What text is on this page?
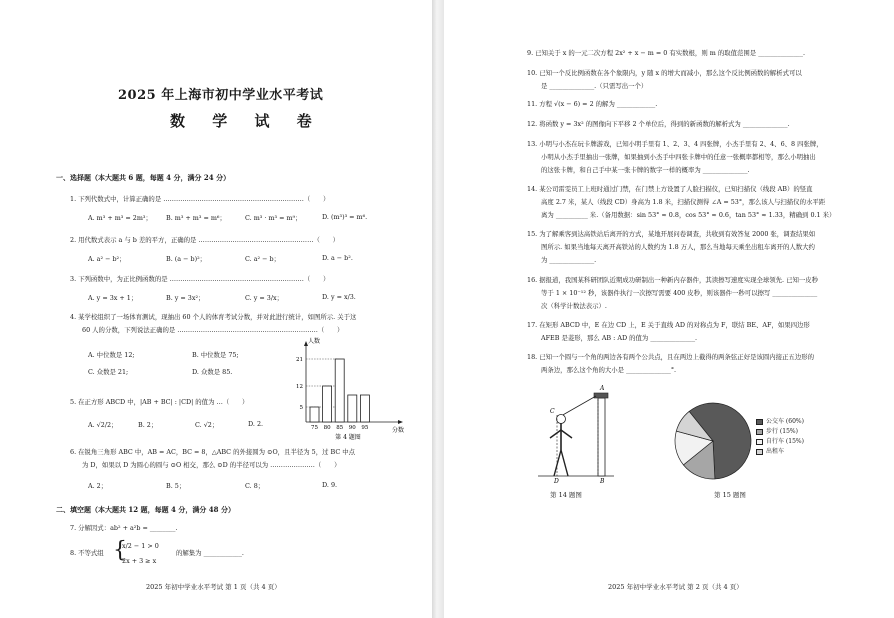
2025 年上海市初中学业水平考试
数 学 试 卷
一、选择题（本大题共 6 题，每题 4 分，满分 24 分）
1. 下列代数式中，计算正确的是 …………………………………………………………（　　）
A. m³ + m³ = 2m³； B. m³ + m³ = m⁶；	C. m³ · m³ = m⁹；	D. (m³)³ = m⁶.
2. 用代数式表示 a 与 b 差的平方，正确的是 ………………………………………………（　　）
A. a² − b²；	B. (a − b)²；	C. a² − b；	D. a − b².
3. 下列函数中，为正比例函数的是 ………………………………………………………（　　）
A. y = 3x + 1；	B. y = 3x²；	C. y = 3/x；	D. y = x/3.
4. 某学校组织了一场体育测试，现抽出 60 个人的体育考试分数，并对此进行统计，如图所示. 关于这
60 人的分数，下列说法正确的是 …………………………………………………………（　　）
A. 中位数是 12;	B. 中位数是 75;
C. 众数是 21;	D. 众数是 85.
人数
分数
5
12
21
75 80 85 90 95
第 4 题图
5. 在正方形 ABCD 中，|AB + BC| : |CD| 的值为 …（　　）
A. √2/2；	B. 2；	C. √2；	D. 2.
6. 在锐角三角形 ABC 中，AB = AC，BC = 8，△ABC 的外接圆为 ⊙O，且半径为 5，过 BC 中点
为 D，如果以 D 为圆心的圆与 ⊙O 相交，那么 ⊙D 的半径可以为 …………………（　　）
A. 2；	B. 5；	C. 8；	D. 9.
二、填空题（本大题共 12 题，每题 4 分，满分 48 分）
7. 分解因式：ab² + a²b = ________.
8. 不等式组 {
x/2 − 1 > 0
2x + 3 ≥ x
的解集为 ____________.
2025 年初中学业水平考试 第 1 页（共 4 页）
9. 已知关于 x 的一元二次方程 2x² + x − m = 0 有实数根，则 m 的取值范围是 ______________.
10. 已知一个反比例函数在各个象限内，y 随 x 的增大而减小，那么这个反比例函数的解析式可以
是 ______________.（只需写出一个）
11. 方程 √(x − 6) = 2 的解为 ____________.
12. 将函数 y = 3x² 的图像向下平移 2 个单位后，得到的新函数的解析式为 ______________.
13. 小明与小杰在玩卡牌游戏，已知小明手里有 1、2、3、4 四张牌，小杰手里有 2、4、6、8 四张牌，
小明从小杰手里抽出一张牌，如果抽到小杰手中四张卡牌中的任意一张概率都相等，那么小明抽出
的这张卡牌，和自己手中某一张卡牌的数字一样的概率为 ______________.
14. 某公司雷雯员工上班时通过门禁，在门禁上方设置了人脸扫描仪，已知扫描仪（线段 AB）的竖直
高度 2.7 米，某人（线段 CD）身高为 1.8 米，扫描仪测得 ∠A = 53°，那么该人与扫描仪的水平距
离为 __________ 米.（备用数据：sin 53° ≈ 0.8，cos 53° ≈ 0.6，tan 53° ≈ 1.33，精确到 0.1 米）
15. 为了解乘客到达高铁站后离开的方式，某地开展问卷调查，共收到有效答复 2000 张，调查结果如
图所示. 如果当地每天离开高铁站的人数约为 1.8 万人，那么当地每天乘坐出租车离开的人数大约
为 ______________.
16. 据报道，我国某科研团队近期成功研制出一种新内存器件，其读擦写速度实现全球领先. 已知一皮秒
等于 1 × 10⁻¹² 秒，该器件执行一次擦写需要 400 皮秒，则该器件一秒可以擦写 ______________
次（科学计数法表示）.
17. 在矩形 ABCD 中，E 在边 CD 上，E 关于直线 AD 的对称点为 F，联结 BE、AF，如果四边形
AFEB 是菱形，那么 AB : AD 的值为 ______________.
18. 已知一个圆与一个角的两边各有两个公共点，且在两边上截得的两条弦正好是该圆内接正五边形的
两条边，那么这个角的大小是 ______________°.
A
B
C
D
第 14 题图
公交车 (60%)
步行 (15%)
自行车 (15%)
出租车
第 15 题图
2025 年初中学业水平考试 第 2 页（共 4 页）
